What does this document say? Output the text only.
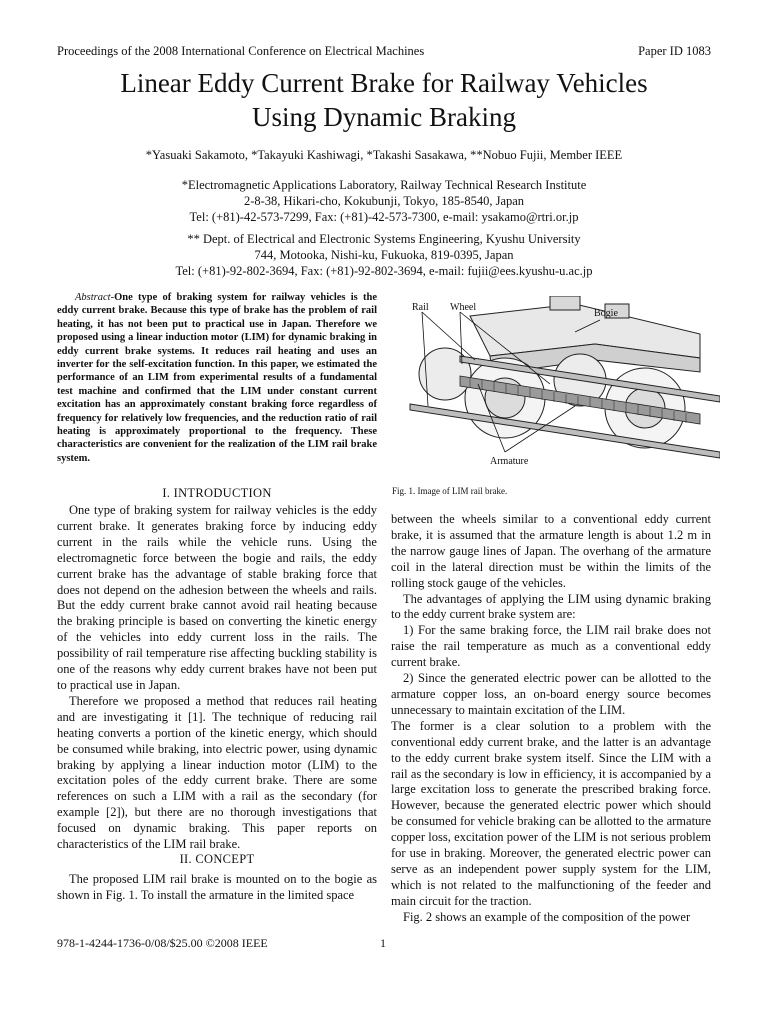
Proceedings of the 2008 International Conference on Electrical Machines	Paper ID 1083
Linear Eddy Current Brake for Railway Vehicles
Using Dynamic Braking
*Yasuaki Sakamoto, *Takayuki Kashiwagi, *Takashi Sasakawa, **Nobuo Fujii, Member IEEE
*Electromagnetic Applications Laboratory, Railway Technical Research Institute
2-8-38, Hikari-cho, Kokubunji, Tokyo, 185-8540, Japan
Tel: (+81)-42-573-7299, Fax: (+81)-42-573-7300, e-mail: ysakamo@rtri.or.jp
** Dept. of Electrical and Electronic Systems Engineering, Kyushu University
744, Motooka, Nishi-ku, Fukuoka, 819-0395, Japan
Tel: (+81)-92-802-3694, Fax: (+81)-92-802-3694, e-mail: fujii@ees.kyushu-u.ac.jp
Abstract-One type of braking system for railway vehicles is the eddy current brake. Because this type of brake has the problem of rail heating, it has not been put to practical use in Japan. Therefore we proposed using a linear induction motor (LIM) for dynamic braking in eddy current brake systems. It reduces rail heating and uses an inverter for the self-excitation function. In this paper, we estimated the performance of an LIM from experimental results of a fundamental test machine and confirmed that the LIM under constant current excitation has an approximately constant braking force regardless of frequency for relatively low frequencies, and the reduction ratio of rail heating is approximately proportional to the frequency. These characteristics are convenient for the realization of the LIM rail brake system.
Rail Wheel
Bogie
Armature
Fig. 1. Image of LIM rail brake.
I. INTRODUCTION

One type of braking system for railway vehicles is the eddy current brake. It generates braking force by inducing eddy current in the rails while the vehicle runs. Using the electromagnetic force between the bogie and rails, the eddy current brake has the advantage of stable braking force that does not depend on the adhesion between the wheels and rails. But the eddy current brake cannot avoid rail heating because the braking principle is based on converting the kinetic energy of the vehicles into eddy current loss in the rails. The possibility of rail temperature rise affecting buckling stability is one of the reasons why eddy current brakes have not been put to practical use in Japan.

Therefore we proposed a method that reduces rail heating and are investigating it [1]. The technique of reducing rail heating converts a portion of the kinetic energy, which should be consumed while braking, into electric power, using dynamic braking by applying a linear induction motor (LIM) to the excitation poles of the eddy current brake. There are some references on such a LIM with a rail as the secondary (for example [2]), but there are no thorough investigations that focused on dynamic braking. This paper reports on characteristics of the LIM rail brake.

II. CONCEPT

The proposed LIM rail brake is mounted on to the bogie as shown in Fig. 1. To install the armature in the limited space

between the wheels similar to a conventional eddy current brake, it is assumed that the armature length is about 1.2 m in the narrow gauge lines of Japan. The overhang of the armature coil in the lateral direction must be within the limits of the rolling stock gauge of the vehicles.

The advantages of applying the LIM using dynamic braking to the eddy current brake system are:

1) For the same braking force, the LIM rail brake does not raise the rail temperature as much as a conventional eddy current brake.

2) Since the generated electric power can be allotted to the armature copper loss, an on-board energy source becomes unnecessary to maintain excitation of the LIM.

The former is a clear solution to a problem with the conventional eddy current brake, and the latter is an advantage to the eddy current brake system itself. Since the LIM with a rail as the secondary is low in efficiency, it is accompanied by a large excitation loss to generate the prescribed braking force. However, because the generated electric power which should be consumed for vehicle braking can be allotted to the armature copper loss, excitation power of the LIM is not serious problem for use in braking. Moreover, the generated electric power can serve as an independent power supply system for the LIM, which is not related to the malfunctioning of the feeder and main circuit for the traction.

Fig. 2 shows an example of the composition of the power

978-1-4244-1736-0/08/$25.00 ©2008 IEEE	1
